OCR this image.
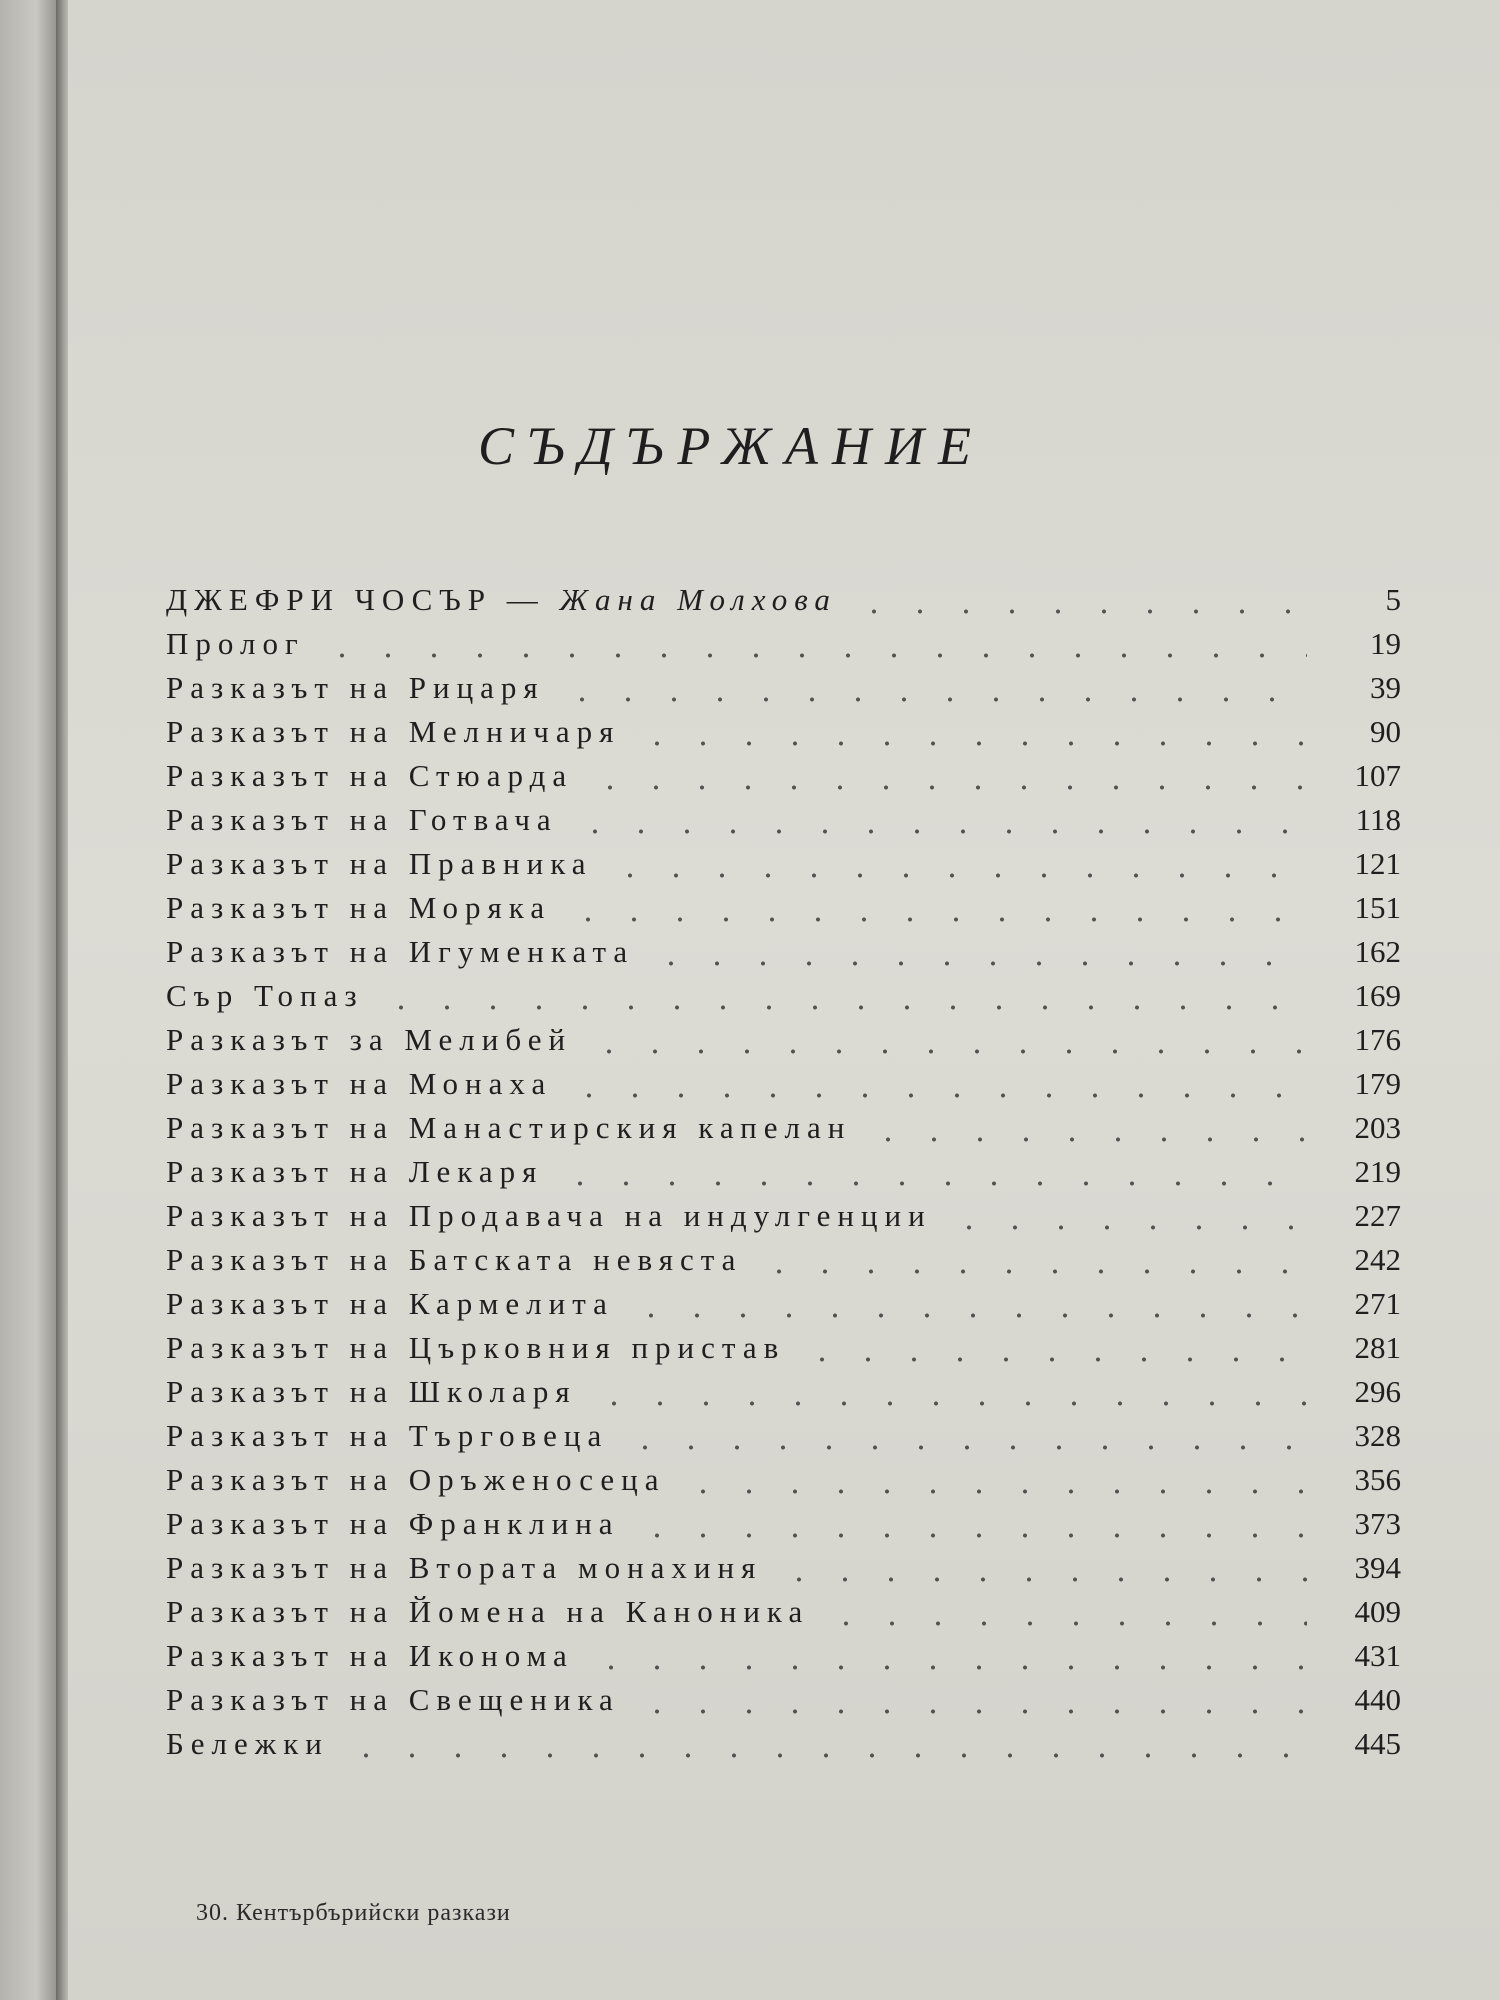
СЪДЪРЖАНИЕ
ДЖЕФРИ ЧОСЪР — Жана Молхова	5
Пролог	19
Разказът на Рицаря	39
Разказът на Мелничаря	90
Разказът на Стюарда	107
Разказът на Готвача	118
Разказът на Правника	121
Разказът на Моряка	151
Разказът на Игуменката	162
Сър Топаз	169
Разказът за Мелибей	176
Разказът на Монаха	179
Разказът на Манастирския капелан	203
Разказът на Лекаря	219
Разказът на Продавача на индулгенции	227
Разказът на Батската невяста	242
Разказът на Кармелита	271
Разказът на Църковния пристав	281
Разказът на Школаря	296
Разказът на Търговеца	328
Разказът на Оръженосеца	356
Разказът на Франклина	373
Разказът на Втората монахиня	394
Разказът на Йомена на Каноника	409
Разказът на Иконома	431
Разказът на Свещеника	440
Бележки	445
30. Кентърбърийски разкази
